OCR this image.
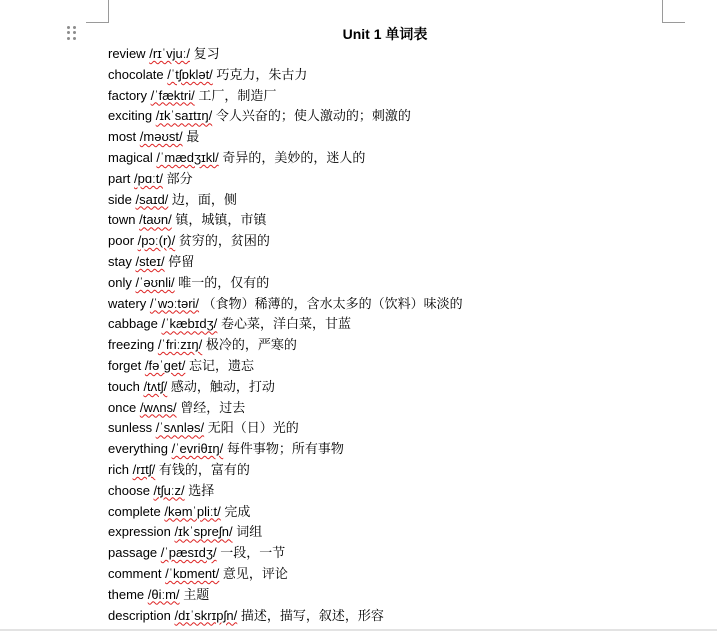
Unit 1 单词表
review /rɪˈvjuː/ 复习
chocolate /ˈtʃɒklət/ 巧克力，朱古力
factory /ˈfæktri/ 工厂，制造厂
exciting /ɪkˈsaɪtɪŋ/ 令人兴奋的；使人激动的；刺激的
most /məʊst/ 最
magical /ˈmædʒɪkl/ 奇异的，美妙的，迷人的
part /pɑːt/ 部分
side /saɪd/ 边，面，侧
town /taʊn/ 镇，城镇，市镇
poor /pɔː(r)/ 贫穷的，贫困的
stay /steɪ/ 停留
only /ˈəʊnli/ 唯一的，仅有的
watery /ˈwɔːtəri/ （食物）稀薄的，含水太多的（饮料）味淡的
cabbage /ˈkæbɪdʒ/ 卷心菜，洋白菜，甘蓝
freezing /ˈfriːzɪŋ/ 极冷的，严寒的
forget /fəˈɡet/ 忘记，遗忘
touch /tʌtʃ/ 感动，触动，打动
once /wʌns/ 曾经，过去
sunless /ˈsʌnləs/ 无阳（日）光的
everything /ˈevriθɪŋ/ 每件事物；所有事物
rich /rɪtʃ/ 有钱的，富有的
choose /tʃuːz/ 选择
complete /kəmˈpliːt/ 完成
expression /ɪkˈspreʃn/ 词组
passage /ˈpæsɪdʒ/ 一段，一节
comment /ˈkɒment/ 意见，评论
theme /θiːm/ 主题
description /dɪˈskrɪpʃn/ 描述，描写，叙述，形容
